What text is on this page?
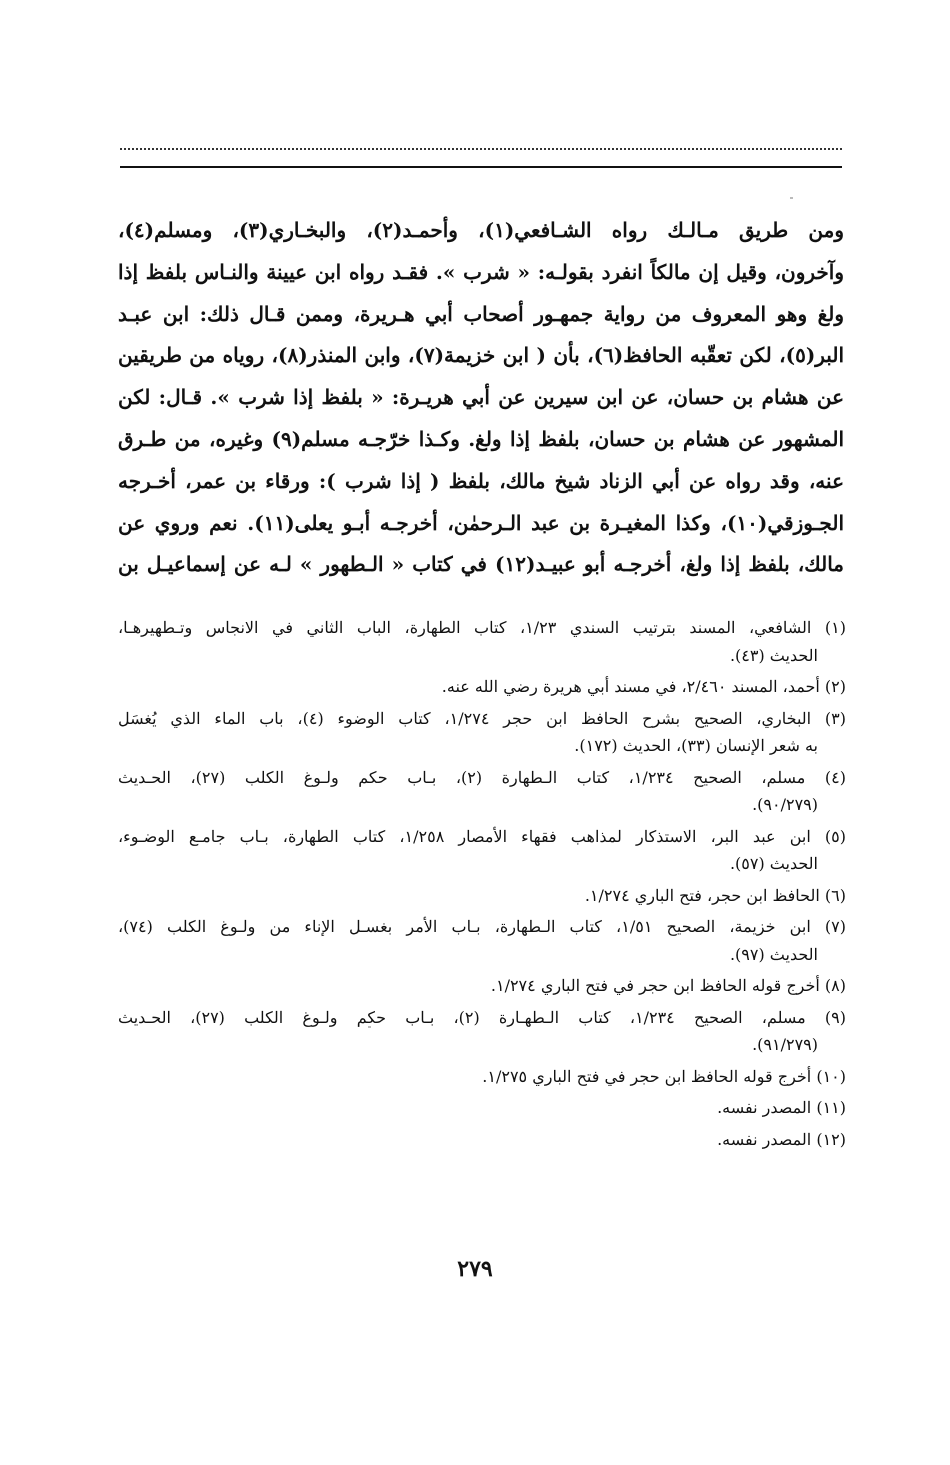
ومن طريق مـالـك رواه الشـافعي(١)، وأحمـد(٢)، والبخـاري(٣)، ومسلم(٤)،
وآخرون، وقيل إن مالكاً انفرد بقولـه: « شرب ». فقـد رواه ابن عيينة والنـاس بلفظ إذا
ولغ وهو المعروف من رواية جمهـور أصحاب أبي هـريرة، وممن قـال ذلك: ابن عبـد
البر(٥)، لكن تعقّبه الحافظ(٦)، بأن ( ابن خزيمة(٧)، وابن المنذر(٨)، روياه من طريقين
عن هشام بن حسان، عن ابن سيرين عن أبي هريـرة: « بلفظ إذا شرب ». قـال: لكن
المشهور عن هشام بن حسان، بلفظ إذا ولغ. وكـذا خرّجـه مسلم(٩) وغيره، من طـرق
عنه، وقد رواه عن أبي الزناد شيخ مالك، بلفظ ( إذا شرب ): ورقاء بن عمر، أخـرجه
الجـوزقي(١٠)، وكذا المغيـرة بن عبد الـرحمٰن، أخرجـه أبـو يعلى(١١). نعم وروي عن
مالك، بلفظ إذا ولغ، أخرجـه أبو عبيـد(١٢) في كتاب « الـطهور » لـه عن إسماعيـل بن
(١) الشافعي، المسند بترتيب السندي ١/٢٣، كتاب الطهارة، الباب الثاني في الانجاس وتـطهيرهـا،
الحديث (٤٣).
(٢) أحمد، المسند ٢/٤٦٠، في مسند أبي هريرة رضي الله عنه.
(٣) البخاري، الصحيح بشرح الحافظ ابن حجر ١/٢٧٤، كتاب الوضوء (٤)، باب الماء الذي يُغسَل
به شعر الإنسان (٣٣)، الحديث (١٧٢).
(٤) مسلم، الصحيح ١/٢٣٤، كتاب الـطهارة (٢)، بـاب حكم ولـوغ الكلب (٢٧)، الحـديث
(٩٠/٢٧٩).
(٥) ابن عبد البر، الاستذكار لمذاهب فقهاء الأمصار ١/٢٥٨، كتاب الطهارة، بـاب جامـع الوضـوء،
الحديث (٥٧).
(٦) الحافظ ابن حجر، فتح الباري ١/٢٧٤.
(٧) ابن خزيمة، الصحيح ١/٥١، كتاب الـطهارة، بـاب الأمر بغسـل الإناء من ولـوغ الكلب (٧٤)،
الحديث (٩٧).
(٨) أخرج قوله الحافظ ابن حجر في فتح الباري ١/٢٧٤.
(٩) مسلم، الصحيح ١/٢٣٤، كتاب الـطهـارة (٢)، بـاب حكم ولـوغ الكلب (٢٧)، الحـديث
(٩١/٢٧٩).
(١٠) أخرج قوله الحافظ ابن حجر في فتح الباري ١/٢٧٥.
(١١) المصدر نفسه.
(١٢) المصدر نفسه.
٢٧٩
